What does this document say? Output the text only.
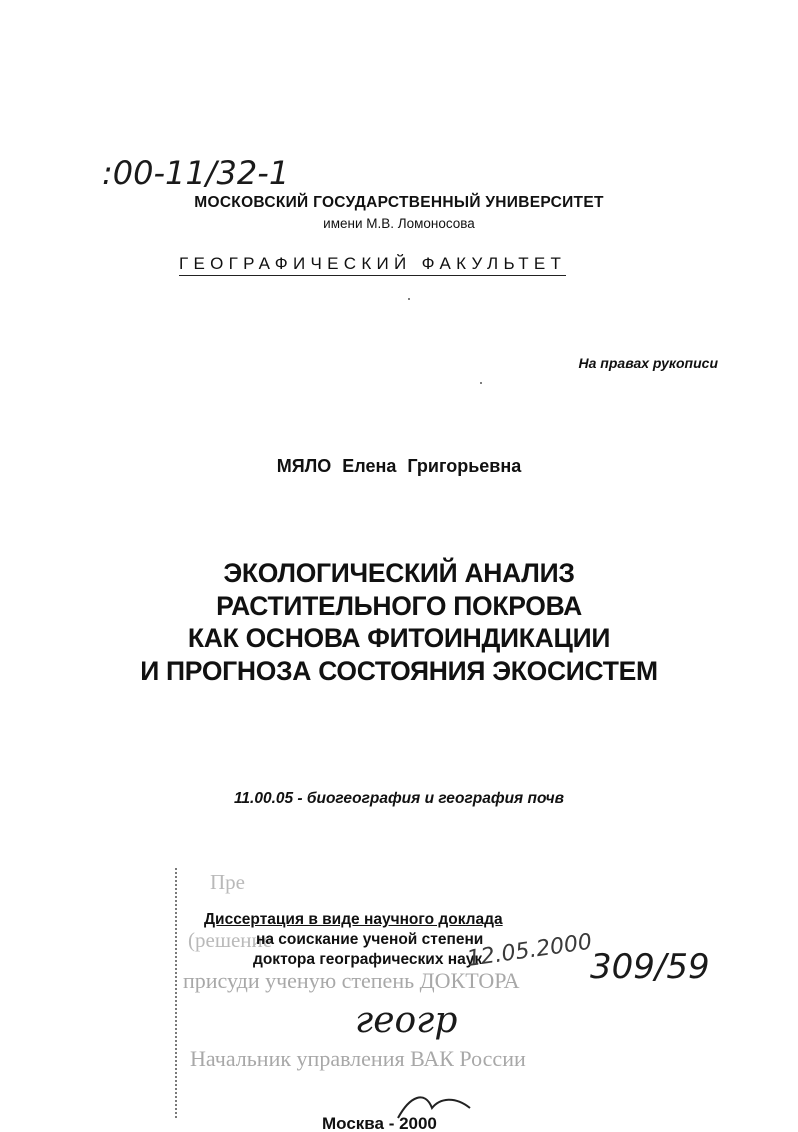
:00-11/32-1
МОСКОВСКИЙ ГОСУДАРСТВЕННЫЙ УНИВЕРСИТЕТ
имени М.В. Ломоносова
ГЕОГРАФИЧЕСКИЙ ФАКУЛЬТЕТ
На правах рукописи
МЯЛО Елена Григорьевна
ЭКОЛОГИЧЕСКИЙ АНАЛИЗ
РАСТИТЕЛЬНОГО ПОКРОВА
КАК ОСНОВА ФИТОИНДИКАЦИИ
И ПРОГНОЗА СОСТОЯНИЯ ЭКОСИСТЕМ
11.00.05 - биогеография и география почв
Пре
(решение
присуди ученую степень ДОКТОРА
Начальник управления ВАК России
Диссертация в виде научного доклада
на соискание ученой степени
доктора географических наук
12.05.2000
309/59
геогр
Москва - 2000
